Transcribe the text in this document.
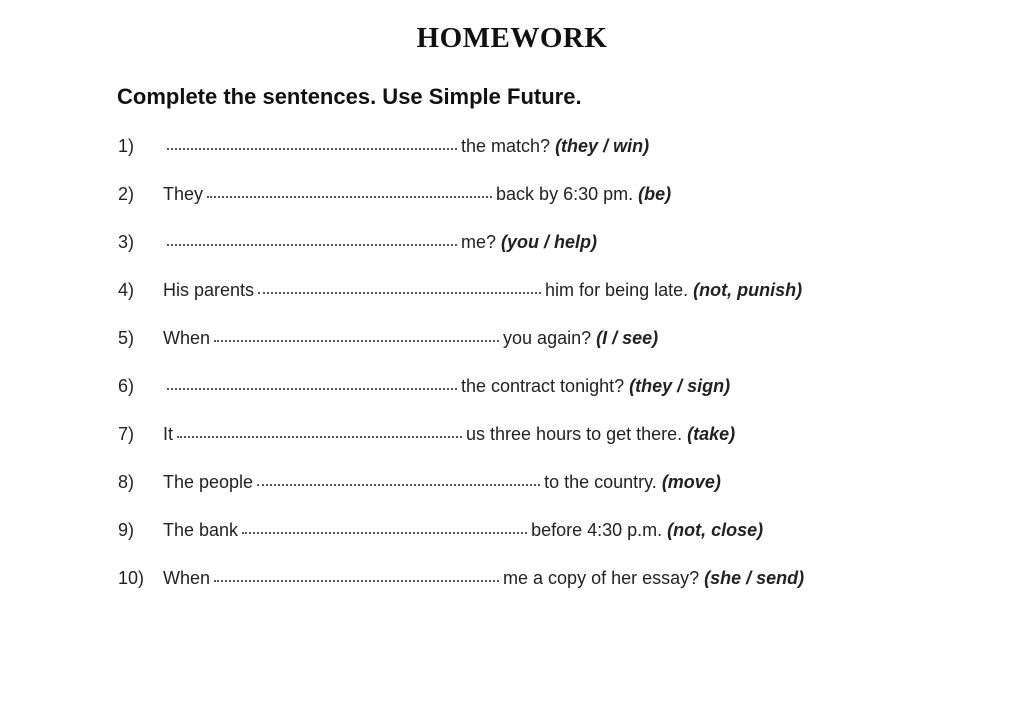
HOMEWORK
Complete the sentences. Use Simple Future.
1)	the match? (they / win)
2)	They	back by 6:30 pm. (be)
3)	me? (you / help)
4)	His parents	him for being late. (not, punish)
5)	When	you again? (I / see)
6)	the contract tonight? (they / sign)
7)	It	us three hours to get there. (take)
8)	The people	to the country. (move)
9)	The bank	before 4:30 p.m. (not, close)
10)	When	me a copy of her essay? (she / send)
